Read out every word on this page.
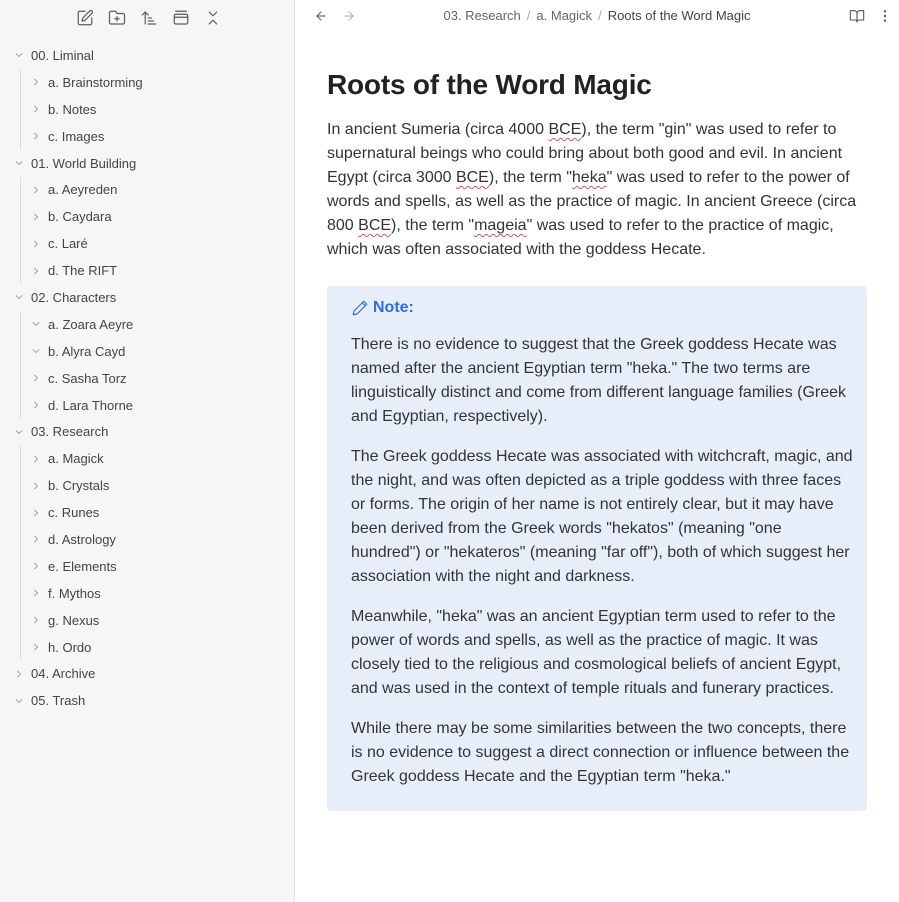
00. Liminal
a. Brainstorming
b. Notes
c. Images
01. World Building
a. Aeyreden
b. Caydara
c. Laré
d. The RIFT
02. Characters
a. Zoara Aeyre
b. Alyra Cayd
c. Sasha Torz
d. Lara Thorne
03. Research
a. Magick
b. Crystals
c. Runes
d. Astrology
e. Elements
f. Mythos
g. Nexus
h. Ordo
04. Archive
05. Trash
03. Research / a. Magick / Roots of the Word Magic
Roots of the Word Magic

In ancient Sumeria (circa 4000 BCE), the term "gin" was used to refer to supernatural beings who could bring about both good and evil. In ancient Egypt (circa 3000 BCE), the term "heka" was used to refer to the power of words and spells, as well as the practice of magic. In ancient Greece (circa 800 BCE), the term "mageia" was used to refer to the practice of magic, which was often associated with the goddess Hecate.

Note:

There is no evidence to suggest that the Greek goddess Hecate was named after the ancient Egyptian term "heka." The two terms are linguistically distinct and come from different language families (Greek and Egyptian, respectively).

The Greek goddess Hecate was associated with witchcraft, magic, and the night, and was often depicted as a triple goddess with three faces or forms. The origin of her name is not entirely clear, but it may have been derived from the Greek words "hekatos" (meaning "one hundred") or "hekateros" (meaning "far off"), both of which suggest her association with the night and darkness.

Meanwhile, "heka" was an ancient Egyptian term used to refer to the power of words and spells, as well as the practice of magic. It was closely tied to the religious and cosmological beliefs of ancient Egypt, and was used in the context of temple rituals and funerary practices.

While there may be some similarities between the two concepts, there is no evidence to suggest a direct connection or influence between the Greek goddess Hecate and the Egyptian term "heka."
